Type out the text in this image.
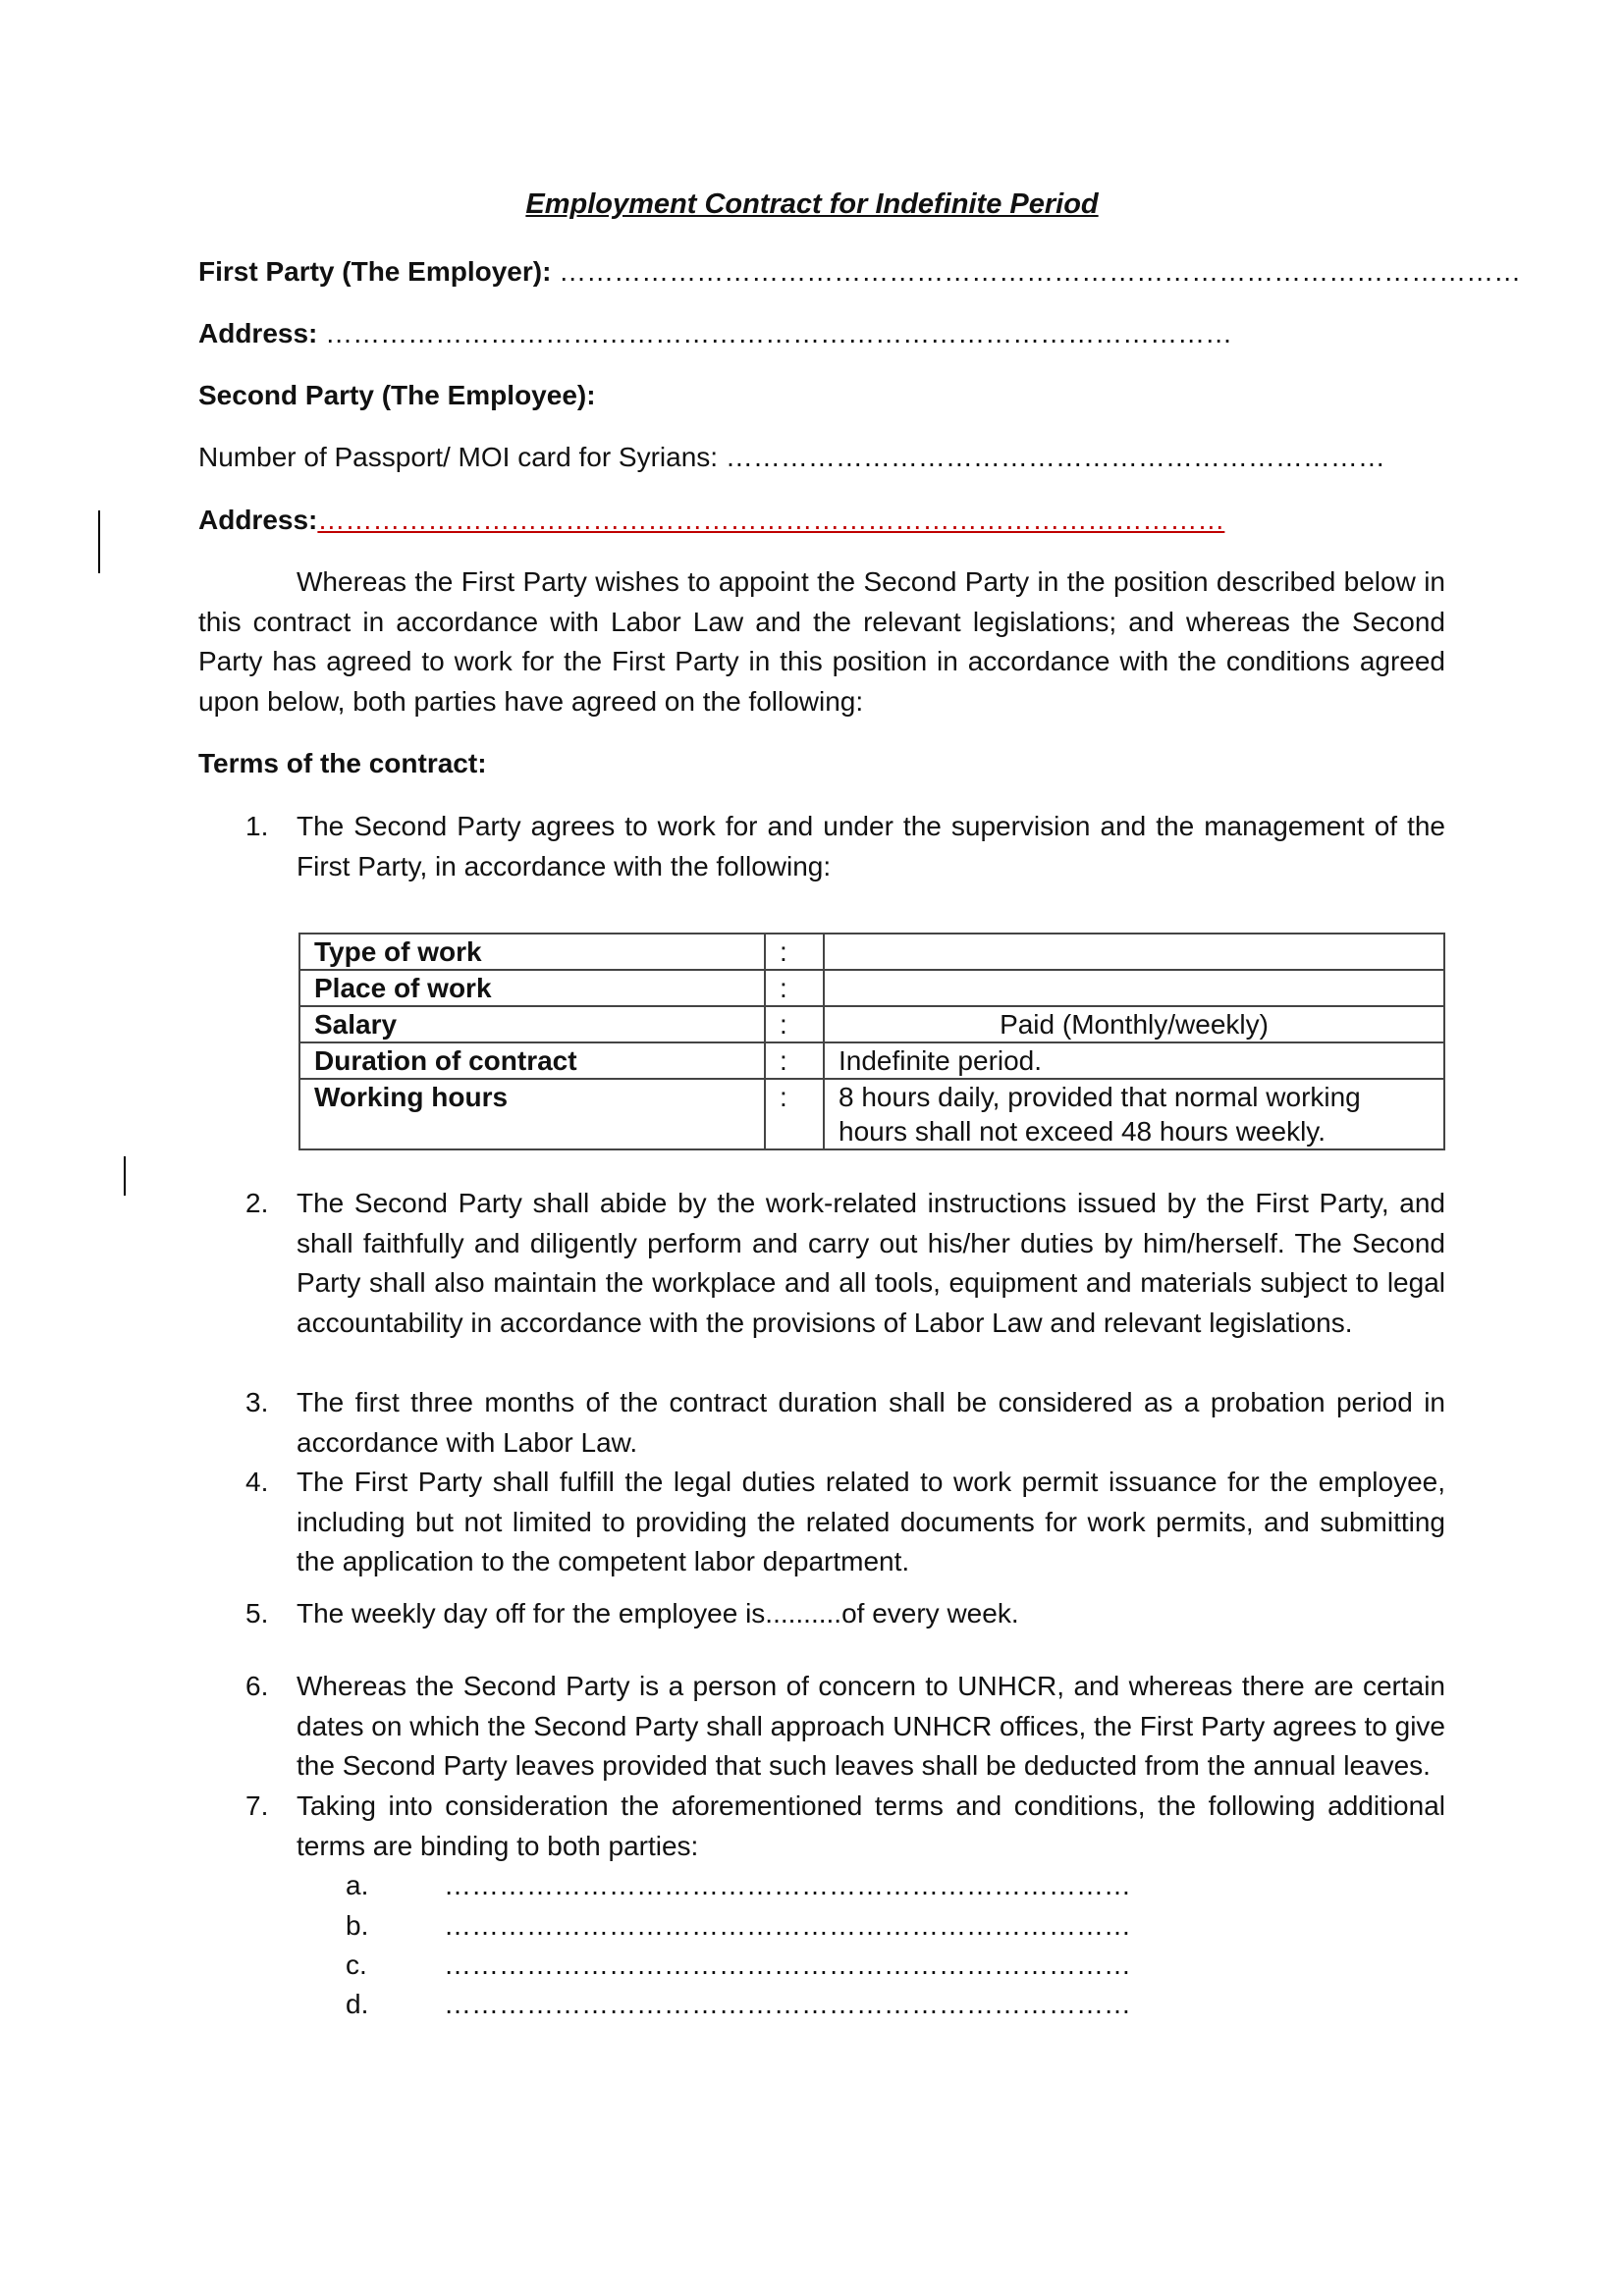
Employment Contract for Indefinite Period
First Party (The Employer): ……………………………………………………………………………………………
Address: ………………………………………………………………………………………
Second Party (The Employee):
Number of Passport/ MOI card for Syrians: ………………………………………………………………
Address:………………………………………………………………………………………
Whereas the First Party wishes to appoint the Second Party in the position described below in this contract in accordance with Labor Law and the relevant legislations; and whereas the Second Party has agreed to work for the First Party in this position in accordance with the conditions agreed upon below, both parties have agreed on the following:
Terms of the contract:
1.	The Second Party agrees to work for and under the supervision and the management of the First Party, in accordance with the following:
Type of work	:	
Place of work	:	
Salary	:	Paid (Monthly/weekly)
Duration of contract	:	Indefinite period.
Working hours	:	8 hours daily, provided that normal working hours shall not exceed 48 hours weekly.
2.	The Second Party shall abide by the work-related instructions issued by the First Party, and shall faithfully and diligently perform and carry out his/her duties by him/herself. The Second Party shall also maintain the workplace and all tools, equipment and materials subject to legal accountability in accordance with the provisions of Labor Law and relevant legislations.
3.	The first three months of the contract duration shall be considered as a probation period in accordance with Labor Law.
4.	The First Party shall fulfill the legal duties related to work permit issuance for the employee, including but not limited to providing the related documents for work permits, and submitting the application to the competent labor department.
5.	The weekly day off for the employee is..........of every week.
6.	Whereas the Second Party is a person of concern to UNHCR, and whereas there are certain dates on which the Second Party shall approach UNHCR offices, the First Party agrees to give the Second Party leaves provided that such leaves shall be deducted from the annual leaves.
7.	Taking into consideration the aforementioned terms and conditions, the following additional terms are binding to both parties:
a.	…………………………………………………………………
b.	…………………………………………………………………
c.	…………………………………………………………………
d.	…………………………………………………………………
